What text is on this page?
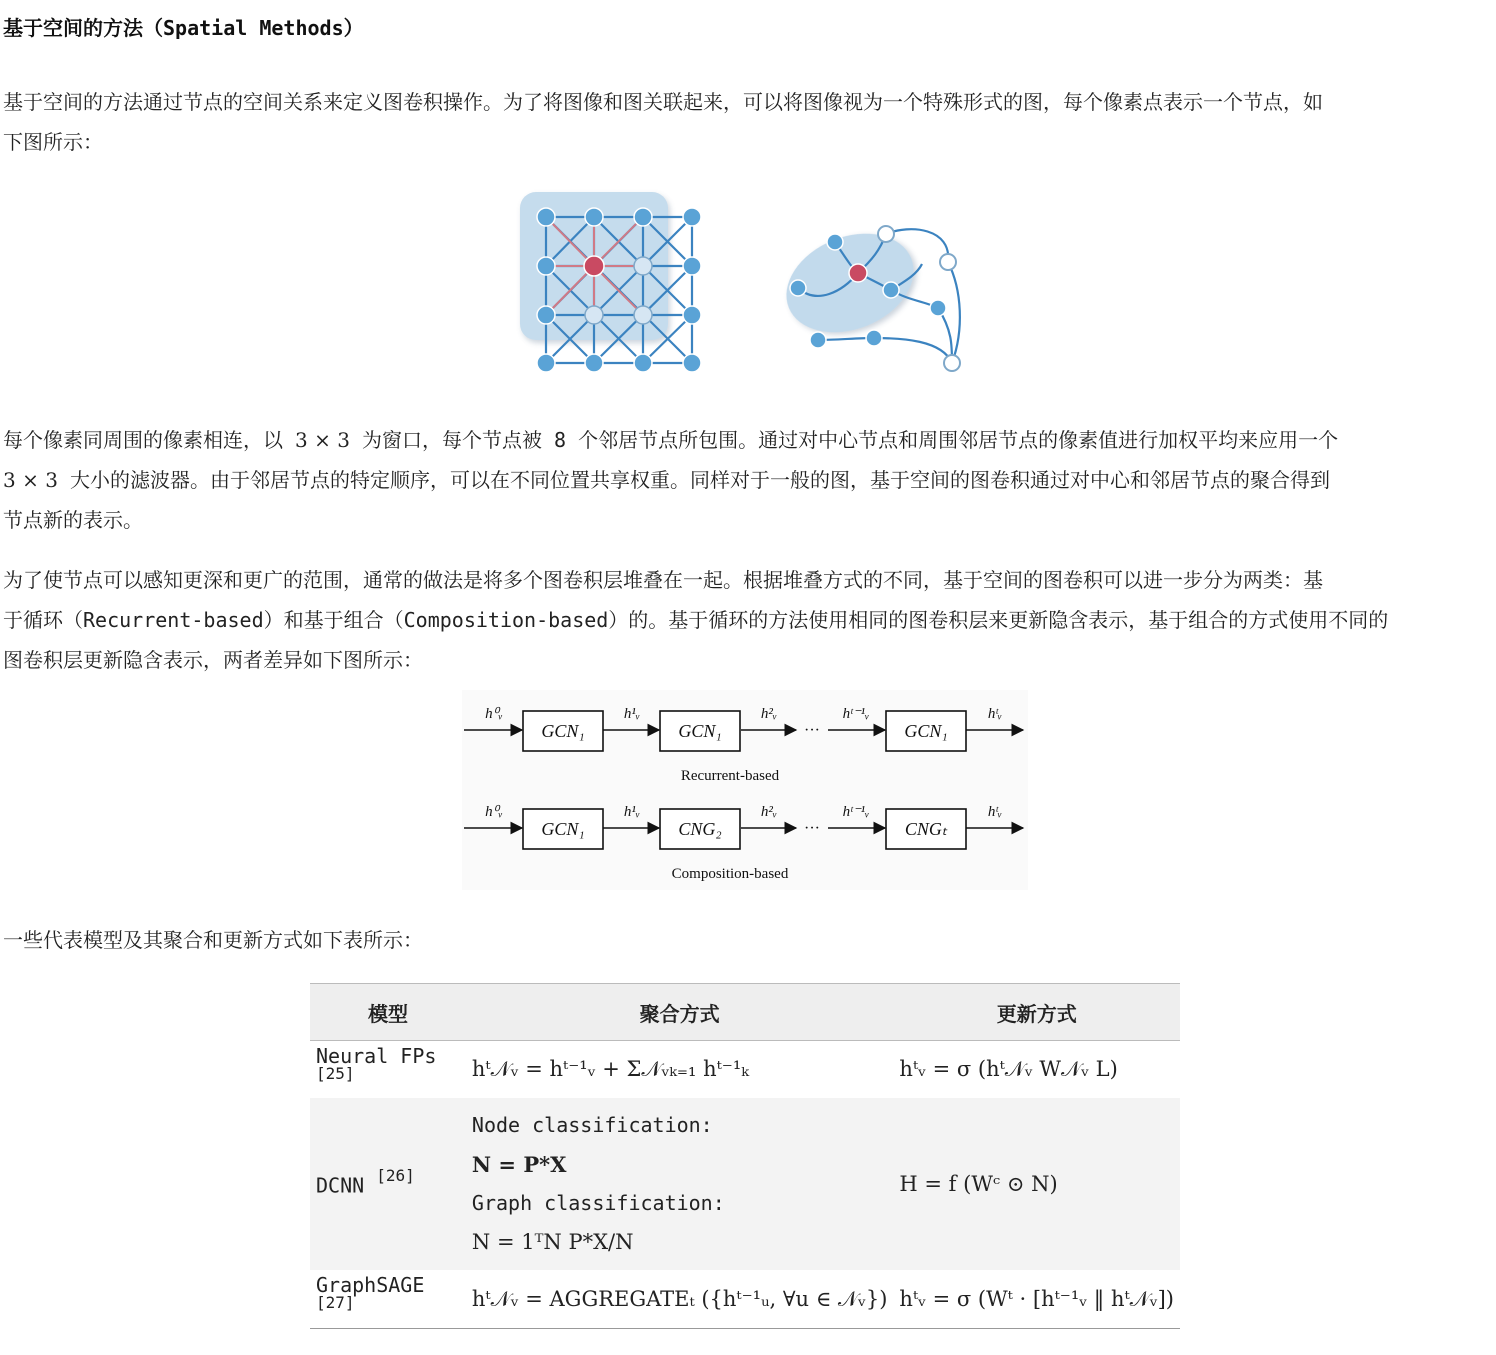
基于空间的方法（Spatial Methods）
基于空间的方法通过节点的空间关系来定义图卷积操作。为了将图像和图关联起来，可以将图像视为一个特殊形式的图，每个像素点表示一个节点，如
下图所示：
每个像素同周围的像素相连，以 3 × 3 为窗口，每个节点被 8 个邻居节点所包围。通过对中心节点和周围邻居节点的像素值进行加权平均来应用一个
3 × 3 大小的滤波器。由于邻居节点的特定顺序，可以在不同位置共享权重。同样对于一般的图，基于空间的图卷积通过对中心和邻居节点的聚合得到
节点新的表示。
为了使节点可以感知更深和更广的范围，通常的做法是将多个图卷积层堆叠在一起。根据堆叠方式的不同，基于空间的图卷积可以进一步分为两类：基
于循环（Recurrent-based）和基于组合（Composition-based）的。基于循环的方法使用相同的图卷积层来更新隐含表示，基于组合的方式使用不同的
图卷积层更新隐含表示，两者差异如下图所示：
GCN₁	GCN₁	GCN₁
h⁰ᵥ	h¹ᵥ	h²ᵥ	hᵗ⁻¹ᵥ	hᵗᵥ
···
Recurrent-based
GCN₁	CNG₂	CNGₜ
h⁰ᵥ	h¹ᵥ	h²ᵥ	hᵗ⁻¹ᵥ	hᵗᵥ
···
Composition-based
一些代表模型及其聚合和更新方式如下表所示：
模型	聚合方式	更新方式
Neural FPs [25]	hᵗ𝒩ᵥ = hᵗ⁻¹ᵥ + Σ𝒩ᵥₖ₌₁ hᵗ⁻¹ₖ	hᵗᵥ = σ (hᵗ𝒩ᵥ W𝒩ᵥ L)
DCNN [26]	Node classification:
N = P*X
Graph classification:
N = 1ᵀN P*X/N	H = f (Wᶜ ⊙ N)
GraphSAGE [27]	hᵗ𝒩ᵥ = AGGREGATEₜ ({hᵗ⁻¹ᵤ, ∀u ∈ 𝒩ᵥ})	hᵗᵥ = σ (Wᵗ · [hᵗ⁻¹ᵥ ‖ hᵗ𝒩ᵥ])
